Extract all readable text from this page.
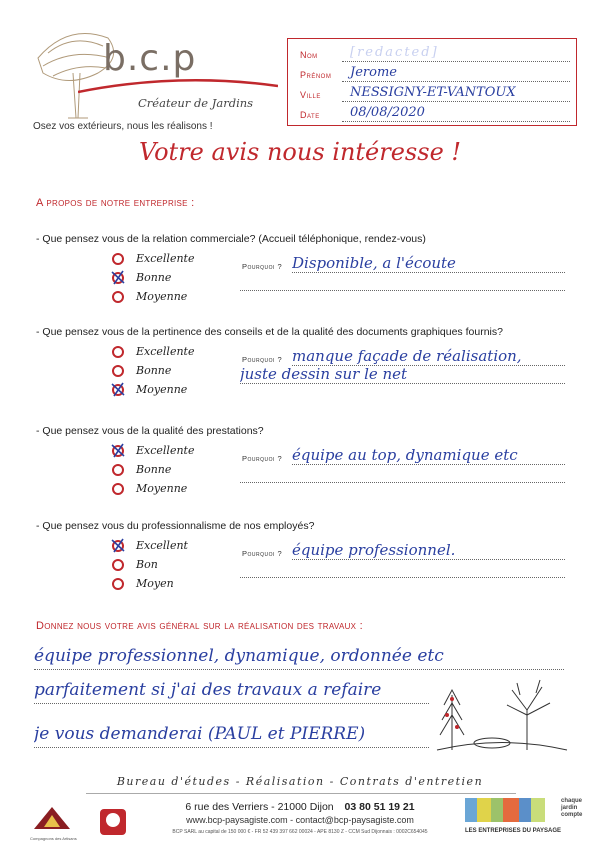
b.c.p
Créateur de Jardins
Osez vos extérieurs, nous les réalisons !
Nom	[redacted]
Prénom	Jerome
Ville	NESSIGNY-ET-VANTOUX
Date	08/08/2020
Votre avis nous intéresse !
A propos de notre entreprise :
- Que pensez vous de la relation commerciale? (Accueil téléphonique, rendez-vous)
Excellente
Bonne
Moyenne
Pourquoi ? Disponible, a l'écoute
- Que pensez vous de la pertinence des conseils et de la qualité des documents graphiques fournis?
Excellente
Bonne
Moyenne
Pourquoi ? manque façade de réalisation,
juste dessin sur le net
- Que pensez vous de la qualité des prestations?
Excellente
Bonne
Moyenne
Pourquoi ? équipe au top, dynamique etc
- Que pensez vous du professionnalisme de nos employés?
Excellent
Bon
Moyen
Pourquoi ? équipe professionnel.
Donnez nous votre avis général sur la réalisation des travaux :
équipe professionnel, dynamique, ordonnée etc
parfaitement si j'ai des travaux a refaire
je vous demanderai (PAUL et PIERRE)
Bureau d'études - Réalisation - Contrats d'entretien
Compagnons des Artisans
6 rue des Verriers - 21000 Dijon 03 80 51 19 21
www.bcp-paysagiste.com - contact@bcp-paysagiste.com
BCP SARL au capital de 150 000 € - FR 52 439 397 662 00024 - APE 8130 Z - CCM Sud Dijonnais : 0002C654045
chaque jardin compte
LES ENTREPRISES DU PAYSAGE
